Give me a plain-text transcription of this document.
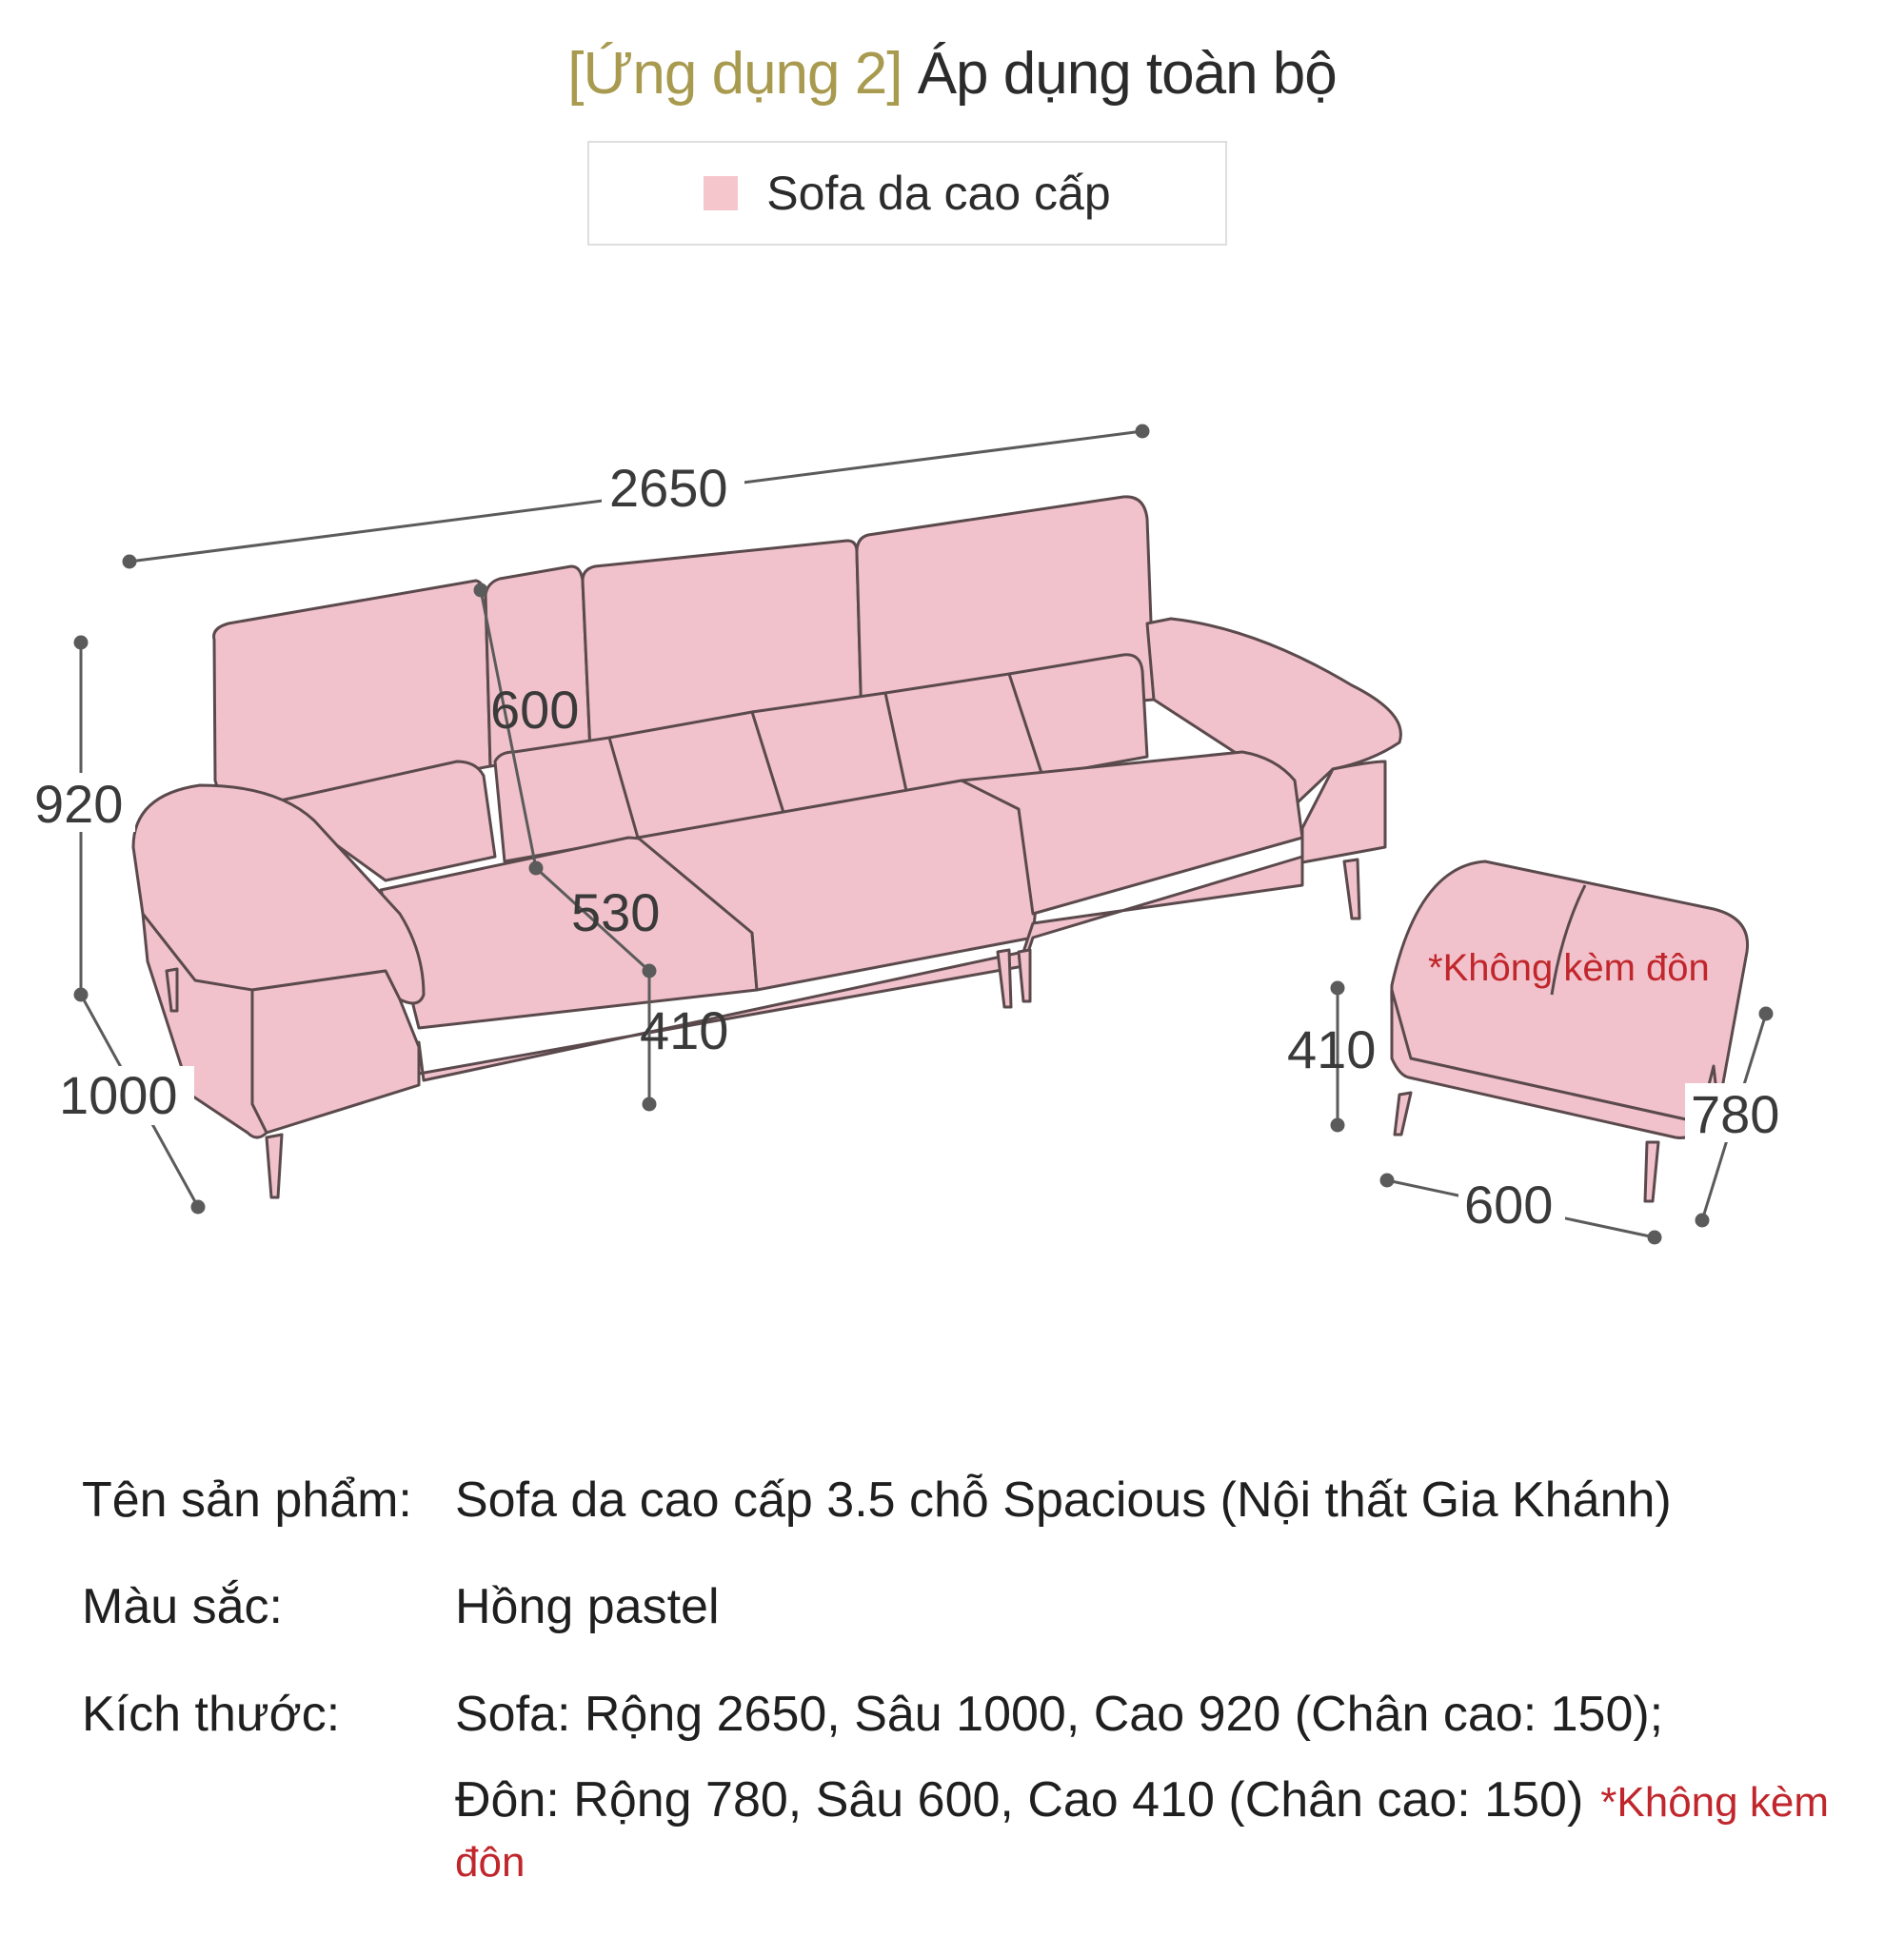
[Ứng dụng 2] Áp dụng toàn bộ
Sofa da cao cấp
2650
920
1000
600
530
410	410
780
600
*Không kèm đôn
Tên sản phẩm: Sofa da cao cấp 3.5 chỗ Spacious (Nội thất Gia Khánh)
Màu sắc:	Hồng pastel
Kích thước:	Sofa: Rộng 2650, Sâu 1000, Cao 920 (Chân cao: 150);
Đôn: Rộng 780, Sâu 600, Cao 410 (Chân cao: 150) *Không kèm đôn
